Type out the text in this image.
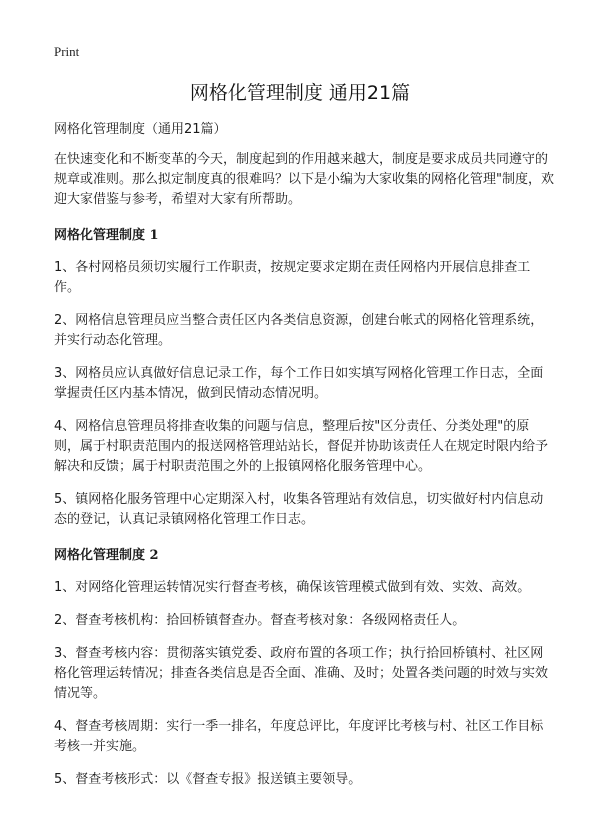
Print
网格化管理制度 通用21篇

网格化管理制度（通用21篇）

在快速变化和不断变革的今天，制度起到的作用越来越大，制度是要求成员共同遵守的规章或准则。那么拟定制度真的很难吗？以下是小编为大家收集的网格化管理"制度，欢迎大家借鉴与参考，希望对大家有所帮助。

网格化管理制度 1

1、各村网格员须切实履行工作职责，按规定要求定期在责任网格内开展信息排查工作。

2、网格信息管理员应当整合责任区内各类信息资源，创建台帐式的网格化管理系统，并实行动态化管理。

3、网格员应认真做好信息记录工作，每个工作日如实填写网格化管理工作日志，全面掌握责任区内基本情况，做到民情动态情况明。

4、网格信息管理员将排查收集的问题与信息，整理后按"区分责任、分类处理"的原则，属于村职责范围内的报送网格管理站站长，督促并协助该责任人在规定时限内给予解决和反馈；属于村职责范围之外的上报镇网格化服务管理中心。

5、镇网格化服务管理中心定期深入村，收集各管理站有效信息，切实做好村内信息动态的登记，认真记录镇网格化管理工作日志。

网格化管理制度 2

1、对网络化管理运转情况实行督查考核，确保该管理模式做到有效、实效、高效。

2、督查考核机构：拾回桥镇督查办。督查考核对象：各级网格责任人。

3、督查考核内容：贯彻落实镇党委、政府布置的各项工作；执行拾回桥镇村、社区网格化管理运转情况；排查各类信息是否全面、准确、及时；处置各类问题的时效与实效情况等。

4、督查考核周期：实行一季一排名，年度总评比，年度评比考核与村、社区工作目标考核一并实施。

5、督查考核形式：以《督查专报》报送镇主要领导。
